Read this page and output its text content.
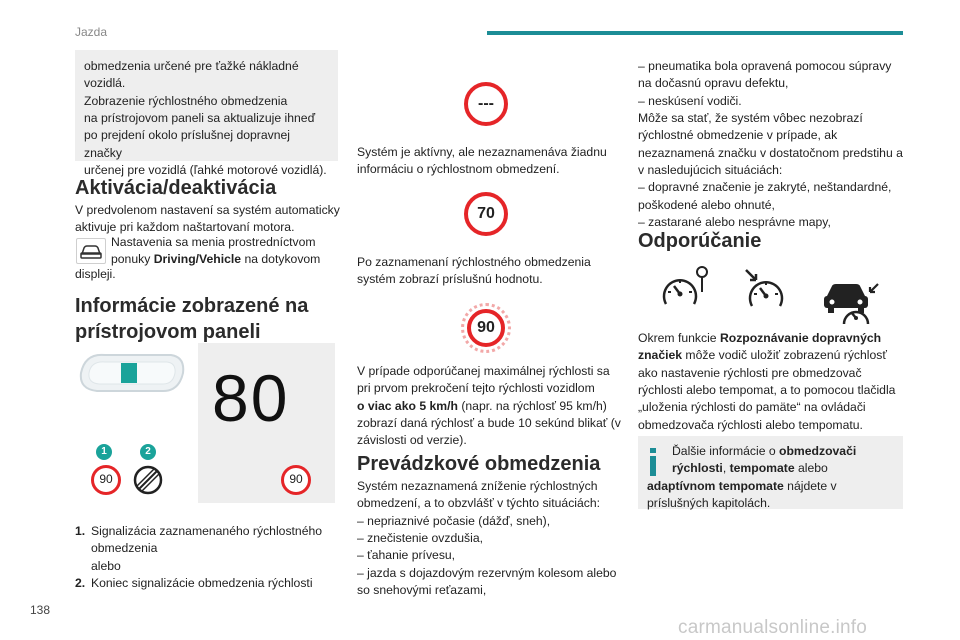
Jazda
obmedzenia určené pre ťažké nákladné
vozidlá.
Zobrazenie rýchlostného obmedzenia
na prístrojovom paneli sa aktualizuje ihneď
po prejdení okolo príslušnej dopravnej značky
určenej pre vozidlá (ľahké motorové vozidlá).
Aktivácia/deaktivácia
V predvolenom nastavení sa systém automaticky
aktivuje pri každom naštartovaní motora.
Nastavenia sa menia prostredníctvom
ponuky Driving/Vehicle na dotykovom
displeji.
Informácie zobrazené na
prístrojovom paneli
1	2
90
80
90
1. Signalizácia zaznamenaného rýchlostného
obmedzenia
alebo
2. Koniec signalizácie obmedzenia rýchlosti
---
Systém je aktívny, ale nezaznamenáva žiadnu
informáciu o rýchlostnom obmedzení.
70
Po zaznamenaní rýchlostného obmedzenia
systém zobrazí príslušnú hodnotu.
90
V prípade odporúčanej maximálnej rýchlosti sa
pri prvom prekročení tejto rýchlosti vozidlom
o viac ako 5 km/h (napr. na rýchlosť 95 km/h)
zobrazí daná rýchlosť a bude 10 sekúnd blikať (v
závislosti od verzie).
Prevádzkové obmedzenia
Systém nezaznamená zníženie rýchlostných
obmedzení, a to obzvlášť v týchto situáciách:
– nepriaznivé počasie (dážď, sneh),
– znečistenie ovzdušia,
– ťahanie prívesu,
– jazda s dojazdovým rezervným kolesom alebo
so snehovými reťazami,
– pneumatika bola opravená pomocou súpravy
na dočasnú opravu defektu,
– neskúsení vodiči.
Môže sa stať, že systém vôbec nezobrazí
rýchlostné obmedzenie v prípade, ak
nezaznamená značku v dostatočnom predstihu a
v nasledujúcich situáciách:
– dopravné značenie je zakryté, neštandardné,
poškodené alebo ohnuté,
– zastarané alebo nesprávne mapy,
Odporúčanie
Okrem funkcie Rozpoznávanie dopravných
značiek môže vodič uložiť zobrazenú rýchlosť
ako nastavenie rýchlosti pre obmedzovač
rýchlosti alebo tempomat, a to pomocou tlačidla
„uloženia rýchlosti do pamäte“ na ovládači
obmedzovača rýchlosti alebo tempomatu.
Ďalšie informácie o obmedzovači
rýchlosti, tempomate alebo
adaptívnom tempomate nájdete v
príslušných kapitolách.
138
carmanualsonline.info
